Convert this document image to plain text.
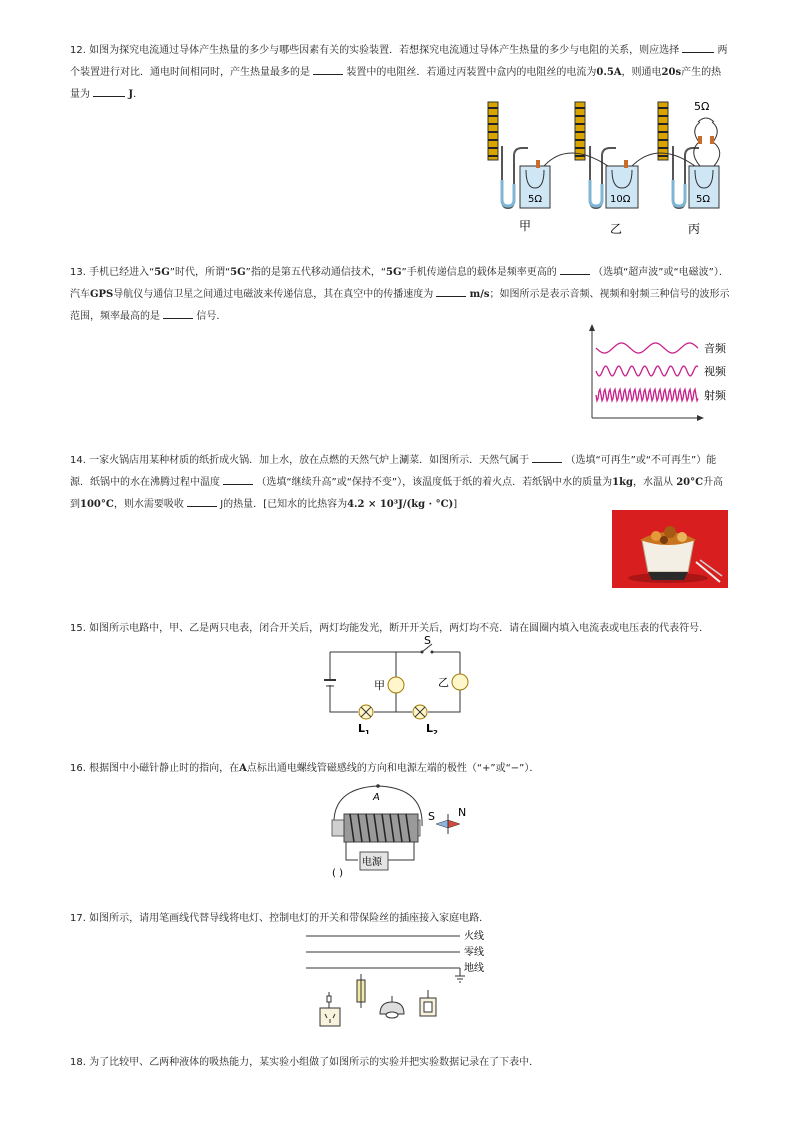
12. 如图为探究电流通过导体产生热量的多少与哪些因素有关的实验装置．若想探究电流通过导体产生热量的多少与电阻的关系，则应选择	两个装置进行对比．通电时间相同时，产生热量最多的是	装置中的电阻丝．若通过丙装置中盒内的电阻丝的电流为0.5A，则通电20s产生的热量为	J．
5Ω	10Ω	5Ω
5Ω
甲	乙	丙
13. 手机已经进入“5G”时代，所谓“5G”指的是第五代移动通信技术，“5G”手机传递信息的载体是频率更高的	（选填“超声波”或“电磁波”）．汽车GPS导航仪与通信卫星之间通过电磁波来传递信息，其在真空中的传播速度为	m/s；如图所示是表示音频、视频和射频三种信号的波形示范围，频率最高的是	信号．
音频
视频
射频
14. 一家火锅店用某种材质的纸折成火锅．加上水，放在点燃的天然气炉上涮菜．如图所示．天然气属于	（选填“可再生”或“不可再生”）能源．纸锅中的水在沸腾过程中温度	（选填“继续升高”或“保持不变”），该温度低于纸的着火点．若纸锅中水的质量为1kg，水温从 20°C升高到100°C，则水需要吸收	J的热量．[已知水的比热容为4.2 × 10³J/(kg · °C)]
15. 如图所示电路中，甲、乙是两只电表，闭合开关后，两灯均能发光，断开开关后，两灯均不亮．请在圆圈内填入电流表或电压表的代表符号．
S
甲	乙
$L_1$	$L_2$
16. 根据图中小磁针静止时的指向，在A点标出通电螺线管磁感线的方向和电源左端的极性（“+”或“−”）．
A
电源
( )
S N
17. 如图所示，请用笔画线代替导线将电灯、控制电灯的开关和带保险丝的插座接入家庭电路．
火线
零线
地线
18. 为了比较甲、乙两种液体的吸热能力，某实验小组做了如图所示的实验并把实验数据记录在了下表中．
